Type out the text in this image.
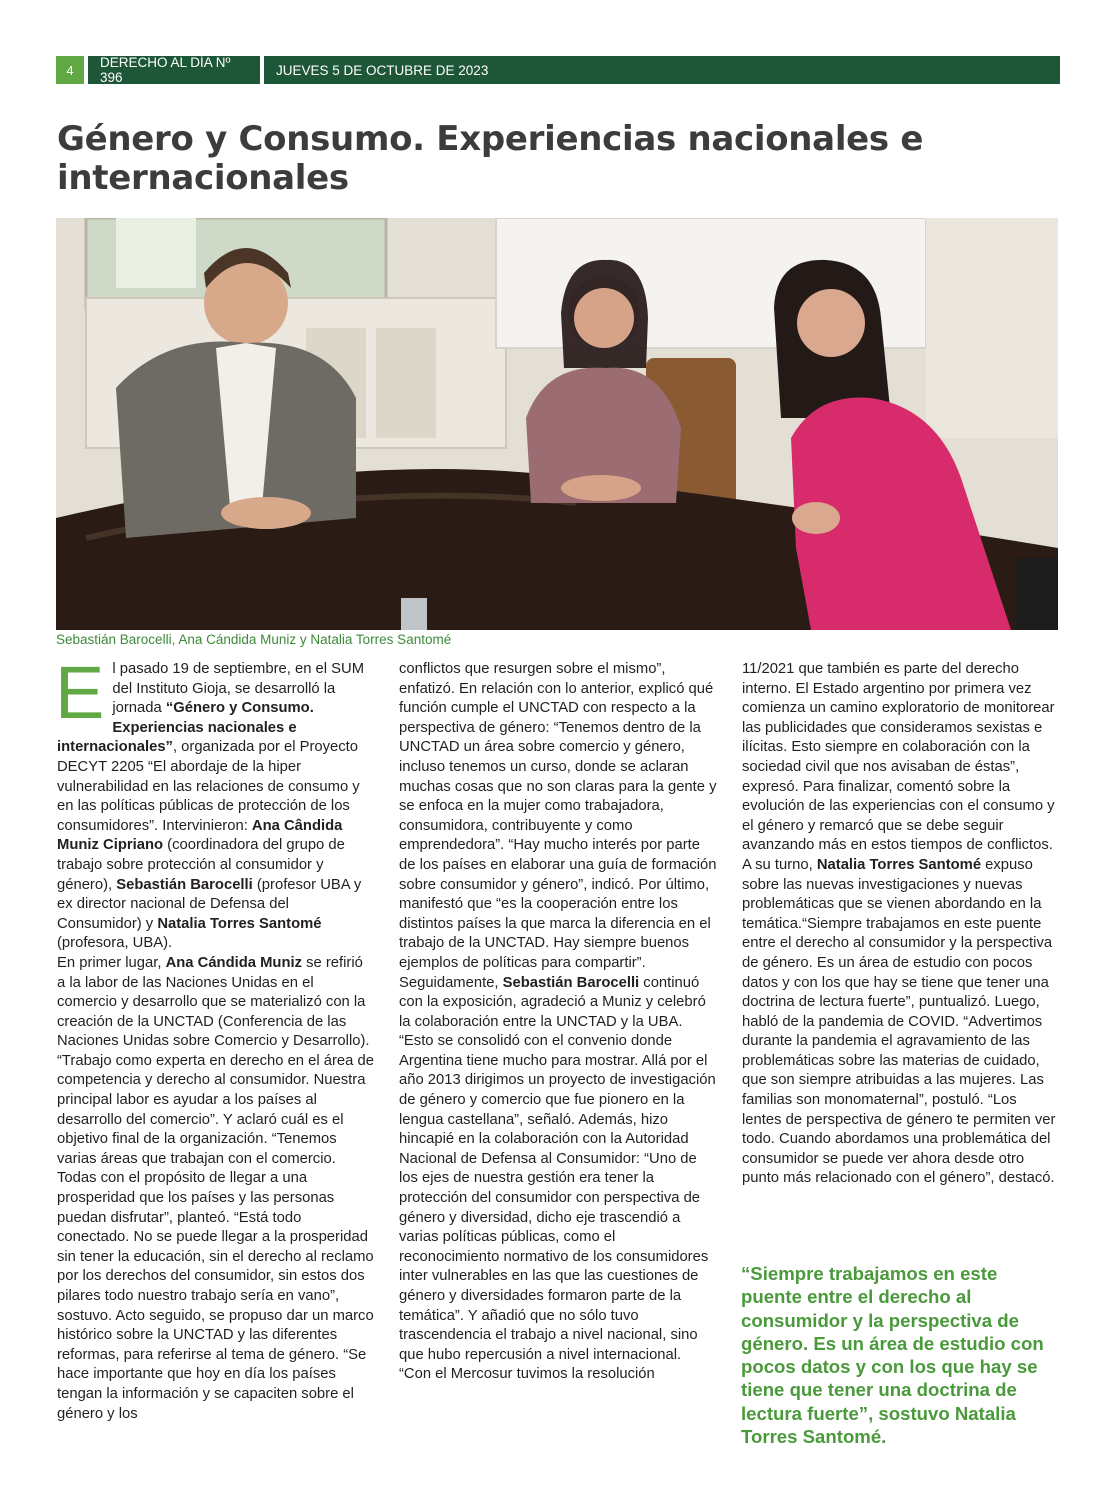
4	DERECHO AL DÍA Nº 396	JUEVES 5 DE OCTUBRE DE 2023
Género y Consumo. Experiencias nacionales e internacionales
Sebastián Barocelli, Ana Cándida Muniz y Natalia Torres Santomé
E l pasado 19 de septiembre, en el SUM del Instituto Gioja, se desarrolló la jornada “Género y Consumo. Experiencias nacionales e internacionales”, organizada por el Proyecto DECYT 2205 “El abordaje de la hiper vulnerabilidad en las relaciones de consumo y en las políticas públicas de protección de los consumidores”. Intervinieron: Ana Cândida Muniz Cipriano (coordinadora del grupo de trabajo sobre protección al consumidor y género), Sebastián Barocelli (profesor UBA y ex director nacional de Defensa del Consumidor) y Natalia Torres Santomé (profesora, UBA).

En primer lugar, Ana Cándida Muniz se refirió a la labor de las Naciones Unidas en el comercio y desarrollo que se materializó con la creación de la UNCTAD (Conferencia de las Naciones Unidas sobre Comercio y Desarrollo). “Trabajo como experta en derecho en el área de competencia y derecho al consumidor. Nuestra principal labor es ayudar a los países al desarrollo del comercio”. Y aclaró cuál es el objetivo final de la organización. “Tenemos varias áreas que trabajan con el comercio. Todas con el propósito de llegar a una prosperidad que los países y las personas puedan disfrutar”, planteó. “Está todo conectado. No se puede llegar a la prosperidad sin tener la educación, sin el derecho al reclamo por los derechos del consumidor, sin estos dos pilares todo nuestro trabajo sería en vano”, sostuvo. Acto seguido, se propuso dar un marco histórico sobre la UNCTAD y las diferentes reformas, para referirse al tema de género. “Se hace importante que hoy en día los países tengan la información y se capaciten sobre el género y los

conflictos que resurgen sobre el mismo”, enfatizó. En relación con lo anterior, explicó qué función cumple el UNCTAD con respecto a la perspectiva de género: “Tenemos dentro de la UNCTAD un área sobre comercio y género, incluso tenemos un curso, donde se aclaran muchas cosas que no son claras para la gente y se enfoca en la mujer como trabajadora, consumidora, contribuyente y como emprendedora”. “Hay mucho interés por parte de los países en elaborar una guía de formación sobre consumidor y género”, indicó. Por último, manifestó que “es la cooperación entre los distintos países la que marca la diferencia en el trabajo de la UNCTAD. Hay siempre buenos ejemplos de políticas para compartir”.

Seguidamente, Sebastián Barocelli continuó con la exposición, agradeció a Muniz y celebró la colaboración entre la UNCTAD y la UBA. “Esto se consolidó con el convenio donde Argentina tiene mucho para mostrar. Allá por el año 2013 dirigimos un proyecto de investigación de género y comercio que fue pionero en la lengua castellana”, señaló. Además, hizo hincapié en la colaboración con la Autoridad Nacional de Defensa al Consumidor: “Uno de los ejes de nuestra gestión era tener la protección del consumidor con perspectiva de género y diversidad, dicho eje trascendió a varias políticas públicas, como el reconocimiento normativo de los consumidores inter vulnerables en las que las cuestiones de género y diversidades formaron parte de la temática”. Y añadió que no sólo tuvo trascendencia el trabajo a nivel nacional, sino que hubo repercusión a nivel internacional. “Con el Mercosur tuvimos la resolución

11/2021 que también es parte del derecho interno. El Estado argentino por primera vez comienza un camino exploratorio de monitorear las publicidades que consideramos sexistas e ilícitas. Esto siempre en colaboración con la sociedad civil que nos avisaban de éstas”, expresó. Para finalizar, comentó sobre la evolución de las experiencias con el consumo y el género y remarcó que se debe seguir avanzando más en estos tiempos de conflictos.

A su turno, Natalia Torres Santomé expuso sobre las nuevas investigaciones y nuevas problemáticas que se vienen abordando en la temática.“Siempre trabajamos en este puente entre el derecho al consumidor y la perspectiva de género. Es un área de estudio con pocos datos y con los que hay se tiene que tener una doctrina de lectura fuerte”, puntualizó. Luego, habló de la pandemia de COVID. “Advertimos durante la pandemia el agravamiento de las problemáticas sobre las materias de cuidado, que son siempre atribuidas a las mujeres. Las familias son monomaternal”, postuló. “Los lentes de perspectiva de género te permiten ver todo. Cuando abordamos una problemática del consumidor se puede ver ahora desde otro punto más relacionado con el género”, destacó.

“Siempre trabajamos en este puente entre el derecho al consumidor y la perspectiva de género. Es un área de estudio con pocos datos y con los que hay se tiene que tener una doctrina de lectura fuerte”, sostuvo Natalia Torres Santomé.
